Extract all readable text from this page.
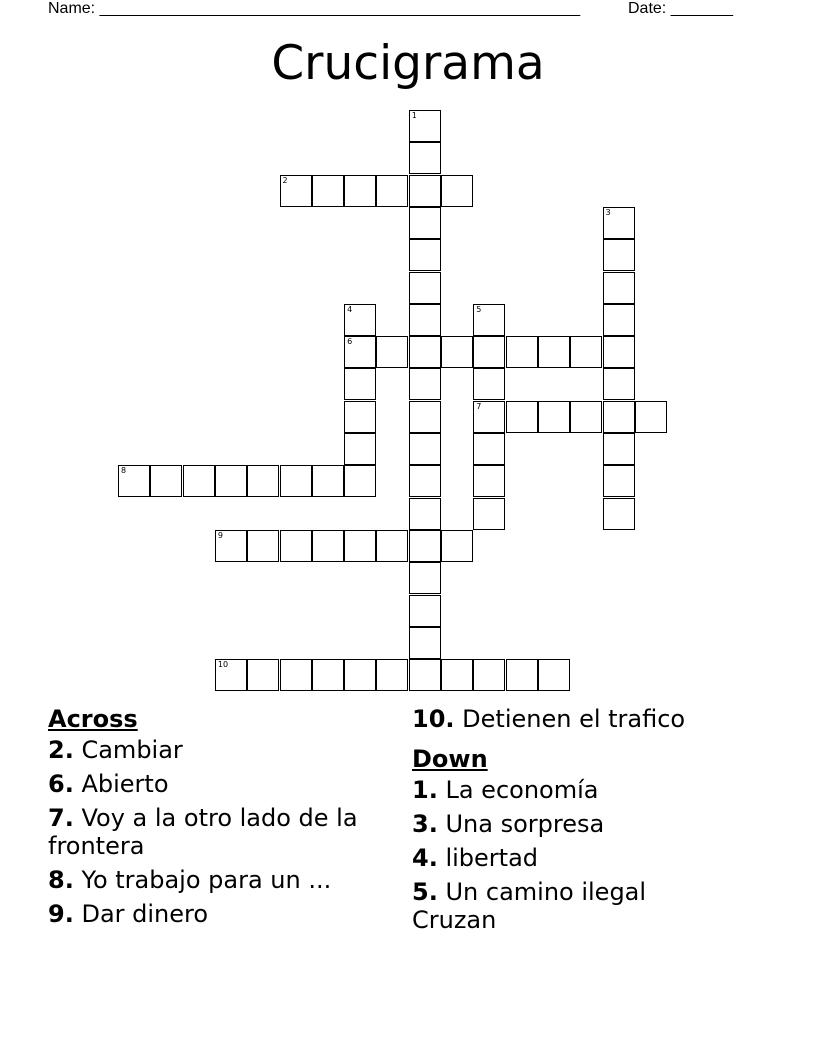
Name: ______________________________________________________	Date: _______
Crucigrama
1
2
3
4
6
5
7
8
9
10
Across
2. Cambiar
6. Abierto
7. Voy a la otro lado de la frontera
8. Yo trabajo para un ...
9. Dar dinero
10. Detienen el trafico
Down
1. La economía
3. Una sorpresa
4. libertad
5. Un camino ilegal Cruzan
